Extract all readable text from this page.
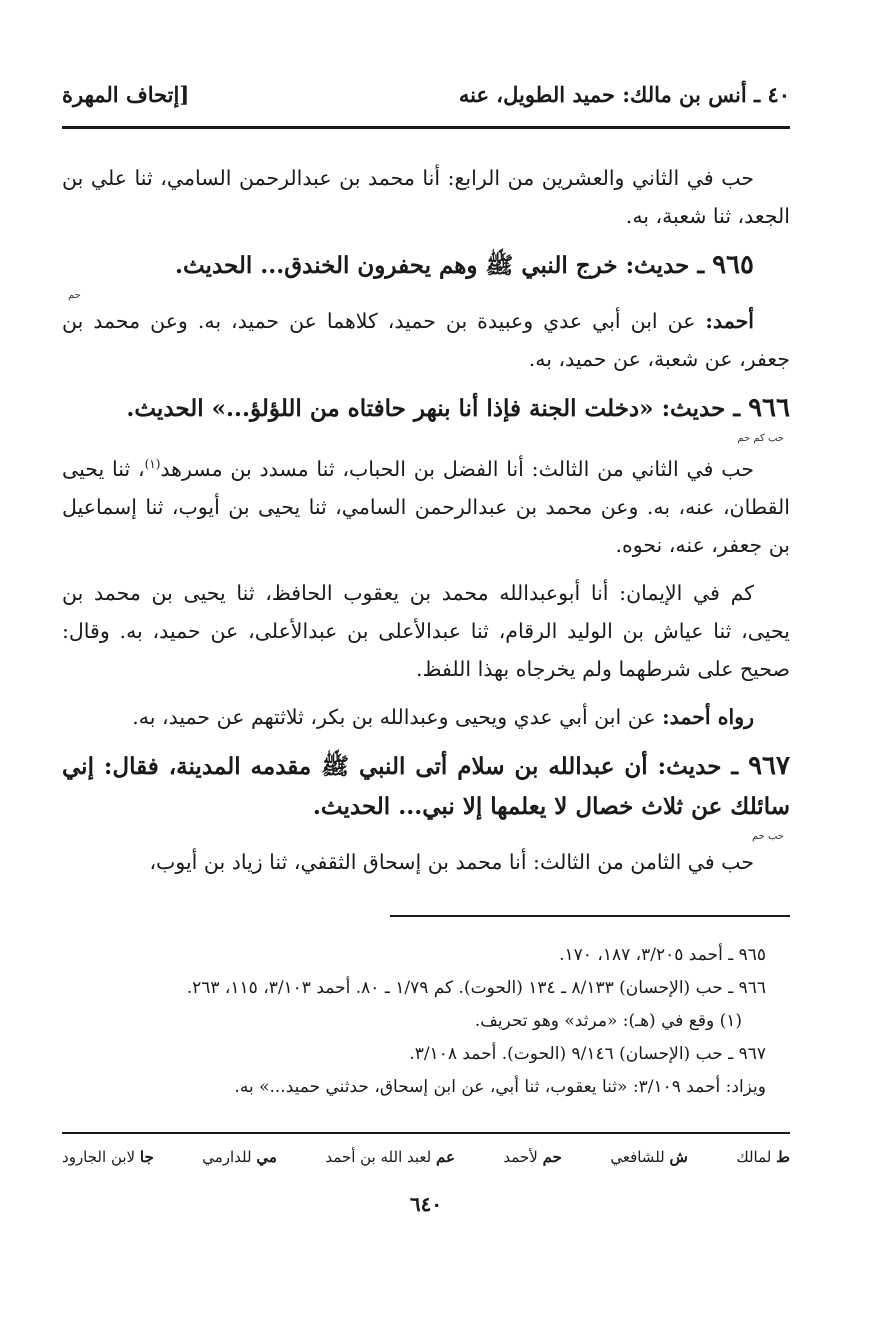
٤٠ ـ أنس بن مالك: حميد الطويل، عنه
[إتحاف المهرة

حب في الثاني والعشرين من الرابع: أنا محمد بن عبدالرحمن السامي، ثنا علي بن الجعد، ثنا شعبة، به.

٩٦٥ ـ حديث: خرج النبي ﷺ وهم يحفرون الخندق... الحديث.

حم

أحمد: عن ابن أبي عدي وعبيدة بن حميد، كلاهما عن حميد، به. وعن محمد بن جعفر، عن شعبة، عن حميد، به.

٩٦٦ ـ حديث: «دخلت الجنة فإذا أنا بنهر حافتاه من اللؤلؤ...» الحديث.

حب كم حم

حب في الثاني من الثالث: أنا الفضل بن الحباب، ثنا مسدد بن مسرهد$^{(١)}$، ثنا يحيى القطان، عنه، به. وعن محمد بن عبدالرحمن السامي، ثنا يحيى بن أيوب، ثنا إسماعيل بن جعفر، عنه، نحوه.

كم في الإيمان: أنا أبوعبدالله محمد بن يعقوب الحافظ، ثنا يحيى بن محمد بن يحيى، ثنا عياش بن الوليد الرقام، ثنا عبدالأعلى بن عبدالأعلى، عن حميد، به. وقال: صحيح على شرطهما ولم يخرجاه بهذا اللفظ.

رواه أحمد: عن ابن أبي عدي ويحيى وعبدالله بن بكر، ثلاثتهم عن حميد، به.

٩٦٧ ـ حديث: أن عبدالله بن سلام أتى النبي ﷺ مقدمه المدينة، فقال: إني سائلك عن ثلاث خصال لا يعلمها إلا نبي... الحديث.

حب حم

حب في الثامن من الثالث: أنا محمد بن إسحاق الثقفي، ثنا زياد بن أيوب،

٩٦٥ ـ أحمد ٣/٢٠٥، ١٨٧، ١٧٠.

٩٦٦ ـ حب (الإحسان) ٨/١٣٣ ـ ١٣٤ (الحوت). كم ١/٧٩ ـ ٨٠. أحمد ٣/١٠٣، ١١٥، ٢٦٣.

(١) وقع في (هـ): «مرثد» وهو تحريف.

٩٦٧ ـ حب (الإحسان) ٩/١٤٦ (الحوت). أحمد ٣/١٠٨.

ويزاد: أحمد ٣/١٠٩: «ثنا يعقوب، ثنا أبي، عن ابن إسحاق، حدثني حميد...» به.

ط لمالك
ش للشافعي
حم لأحمد
عم لعبد الله بن أحمد
مي للدارمي
جا لابن الجارود
٦٤٠
